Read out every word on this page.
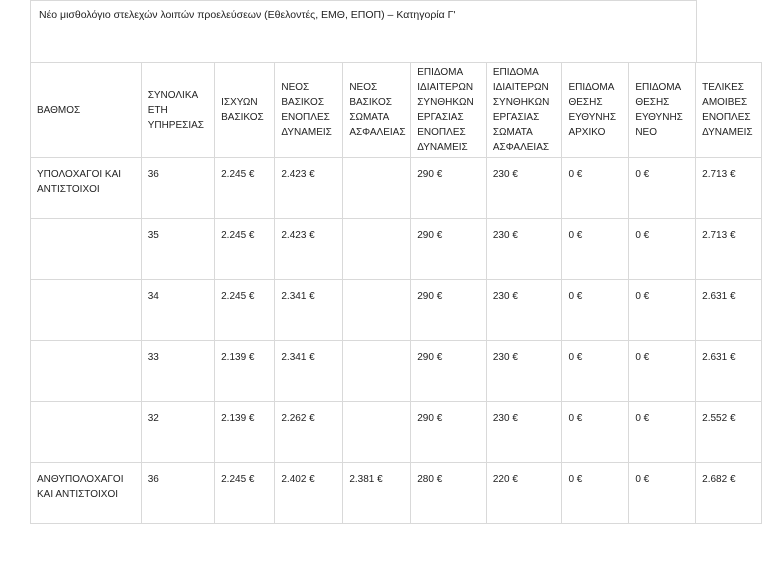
Νέο μισθολόγιο στελεχών λοιπών προελεύσεων (Εθελοντές, ΕΜΘ, ΕΠΟΠ) – Κατηγορία Γ'
ΒΑΘΜΟΣ	ΣΥΝΟΛΙΚΑ ΕΤΗ ΥΠΗΡΕΣΙΑΣ	ΙΣΧΥΩΝ ΒΑΣΙΚΟΣ	ΝΕΟΣ ΒΑΣΙΚΟΣ ΕΝΟΠΛΕΣ ΔΥΝΑΜΕΙΣ	ΝΕΟΣ ΒΑΣΙΚΟΣ ΣΩΜΑΤΑ ΑΣΦΑΛΕΙΑΣ	ΕΠΙΔΟΜΑ ΙΔΙΑΙΤΕΡΩΝ ΣΥΝΘΗΚΩΝ ΕΡΓΑΣΙΑΣ ΕΝΟΠΛΕΣ ΔΥΝΑΜΕΙΣ	ΕΠΙΔΟΜΑ ΙΔΙΑΙΤΕΡΩΝ ΣΥΝΘΗΚΩΝ ΕΡΓΑΣΙΑΣ ΣΩΜΑΤΑ ΑΣΦΑΛΕΙΑΣ	ΕΠΙΔΟΜΑ ΘΕΣΗΣ ΕΥΘΥΝΗΣ ΑΡΧΙΚΟ	ΕΠΙΔΟΜΑ ΘΕΣΗΣ ΕΥΘΥΝΗΣ ΝΕΟ	ΤΕΛΙΚΕΣ ΑΜΟΙΒΕΣ ΕΝΟΠΛΕΣ ΔΥΝΑΜΕΙΣ
ΥΠΟΛΟΧΑΓΟΙ ΚΑΙ ΑΝΤΙΣΤΟΙΧΟΙ	36	2.245 €	2.423 €		290 €	230 €	0 €	0 €	2.713 €
	35	2.245 €	2.423 €		290 €	230 €	0 €	0 €	2.713 €
	34	2.245 €	2.341 €		290 €	230 €	0 €	0 €	2.631 €
	33	2.139 €	2.341 €		290 €	230 €	0 €	0 €	2.631 €
	32	2.139 €	2.262 €		290 €	230 €	0 €	0 €	2.552 €
ΑΝΘΥΠΟΛΟΧΑΓΟΙ ΚΑΙ ΑΝΤΙΣΤΟΙΧΟΙ	36	2.245 €	2.402 €	2.381 €	280 €	220 €	0 €	0 €	2.682 €
